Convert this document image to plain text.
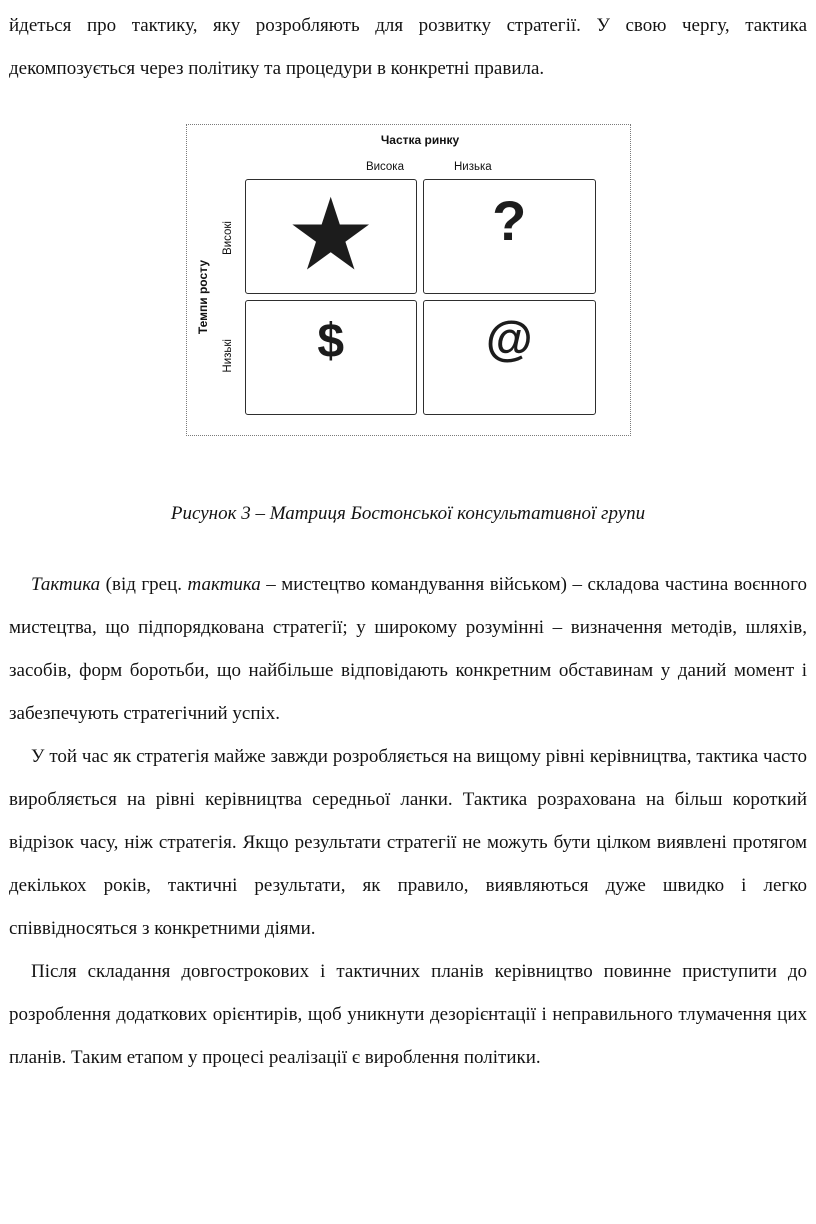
йдеться про тактику, яку розробляють для розвитку стратегії. У свою чергу, тактика декомпозується через політику та процедури в конкретні правила.

Частка ринку
Висока	Низька
Темпи росту
Високі
Низькі
★ ?
$	@

Рисунок 3 – Матриця Бостонської консультативної групи

Тактика (від грец. тактика – мистецтво командування військом) – складова частина воєнного мистецтва, що підпорядкована стратегії; у широкому розумінні – визначення методів, шляхів, засобів, форм боротьби, що найбільше відповідають конкретним обставинам у даний момент і забезпечують стратегічний успіх.

У той час як стратегія майже завжди розробляється на вищому рівні керівництва, тактика часто виробляється на рівні керівництва середньої ланки. Тактика розрахована на більш короткий відрізок часу, ніж стратегія. Якщо результати стратегії не можуть бути цілком виявлені протягом декількох років, тактичні результати, як правило, виявляються дуже швидко і легко співвідносяться з конкретними діями.

Після складання довгострокових і тактичних планів керівництво повинне приступити до розроблення додаткових орієнтирів, щоб уникнути дезорієнтації і неправильного тлумачення цих планів. Таким етапом у процесі реалізації є вироблення політики.
